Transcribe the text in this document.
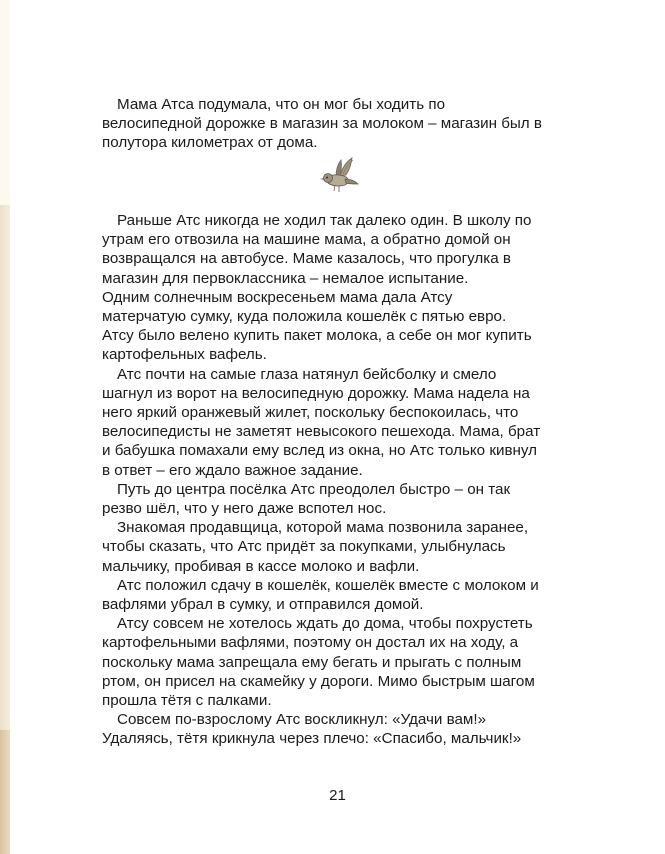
Мама Атса подумала, что он мог бы ходить по
велосипедной дорожке в магазин за молоком – магазин был в
полутора километрах от дома.

Раньше Атс никогда не ходил так далеко один. В школу по
утрам его отвозила на машине мама, а обратно домой он
возвращался на автобусе. Маме казалось, что прогулка в
магазин для первоклассника – немалое испытание.
Одним солнечным воскресеньем мама дала Атсу
матерчатую сумку, куда положила кошелёк с пятью евро.
Атсу было велено купить пакет молока, а себе он мог купить
картофельных вафель.
Атс почти на самые глаза натянул бейсболку и смело
шагнул из ворот на велосипедную дорожку. Мама надела на
него яркий оранжевый жилет, поскольку беспокоилась, что
велосипедисты не заметят невысокого пешехода. Мама, брат
и бабушка помахали ему вслед из окна, но Атс только кивнул
в ответ – его ждало важное задание.
Путь до центра посёлка Атс преодолел быстро – он так
резво шёл, что у него даже вспотел нос.
Знакомая продавщица, которой мама позвонила заранее,
чтобы сказать, что Атс придёт за покупками, улыбнулась
мальчику, пробивая в кассе молоко и вафли.
Атс положил сдачу в кошелёк, кошелёк вместе с молоком и
вафлями убрал в сумку, и отправился домой.
Атсу совсем не хотелось ждать до дома, чтобы похрустеть
картофельными вафлями, поэтому он достал их на ходу, а
поскольку мама запрещала ему бегать и прыгать с полным
ртом, он присел на скамейку у дороги. Мимо быстрым шагом
прошла тётя с палками.
Совсем по-взрослому Атс воскликнул: «Удачи вам!»
Удаляясь, тётя крикнула через плечо: «Спасибо, мальчик!»

21
